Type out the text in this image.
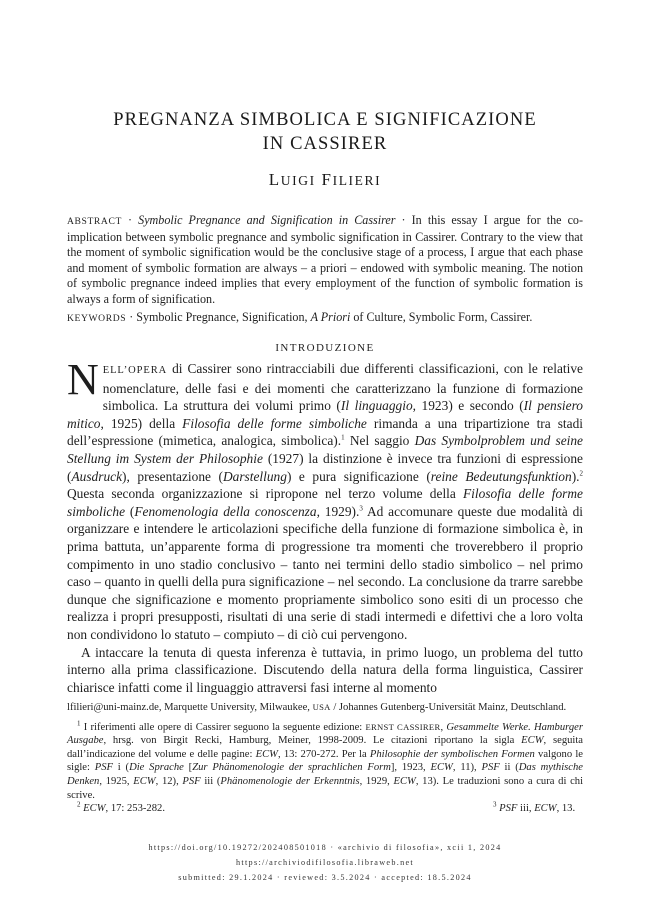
PREGNANZA SIMBOLICA E SIGNIFICAZIONE
IN CASSIRER
LUIGI FILIERI
ABSTRACT · Symbolic Pregnance and Signification in Cassirer · In this essay I argue for the co-implication between symbolic pregnance and symbolic signification in Cassirer. Contrary to the view that the moment of symbolic signification would be the conclusive stage of a process, I argue that each phase and moment of symbolic formation are always – a priori – endowed with symbolic meaning. The notion of symbolic pregnance indeed implies that every employment of the function of symbolic formation is always a form of signification.
KEYWORDS · Symbolic Pregnance, Signification, A Priori of Culture, Symbolic Form, Cassirer.
INTRODUZIONE

NELL’OPERA di Cassirer sono rintracciabili due differenti classificazioni, con le relative nomenclature, delle fasi e dei momenti che caratterizzano la funzione di formazione simbolica. La struttura dei volumi primo (Il linguaggio, 1923) e secondo (Il pensiero mitico, 1925) della Filosofia delle forme simboliche rimanda a una tripartizione tra stadi dell’espressione (mimetica, analogica, simbolica).$^1$ Nel saggio Das Symbolproblem und seine Stellung im System der Philosophie (1927) la distinzione è invece tra funzioni di espressione (Ausdruck), presentazione (Darstellung) e pura significazione (reine Bedeutungsfunktion).$^2$ Questa seconda organizzazione si ripropone nel terzo volume della Filosofia delle forme simboliche (Fenomenologia della conoscenza, 1929).$^3$ Ad accomunare queste due modalità di organizzare e intendere le articolazioni specifiche della funzione di formazione simbolica è, in prima battuta, un’apparente forma di progressione tra momenti che troverebbero il proprio compimento in uno stadio conclusivo – tanto nei termini dello stadio simbolico – nel primo caso – quanto in quelli della pura significazione – nel secondo. La conclusione da trarre sarebbe dunque che significazione e momento propriamente simbolico sono esiti di un processo che realizza i propri presupposti, risultati di una serie di stadi intermedi e difettivi che a loro volta non condividono lo statuto – compiuto – di ciò cui pervengono.

A intaccare la tenuta di questa inferenza è tuttavia, in primo luogo, un problema del tutto interno alla prima classificazione. Discutendo della natura della forma linguistica, Cassirer chiarisce infatti come il linguaggio attraversi fasi interne al momento

lfilieri@uni-mainz.de, Marquette University, Milwaukee, USA / Johannes Gutenberg-Universität Mainz, Deutschland.

$^1$ I riferimenti alle opere di Cassirer seguono la seguente edizione: ERNST CASSIRER, Gesammelte Werke. Hamburger Ausgabe, hrsg. von Birgit Recki, Hamburg, Meiner, 1998-2009. Le citazioni riportano la sigla ECW, seguita dall’indicazione del volume e delle pagine: ECW, 13: 270-272. Per la Philosophie der symbolischen Formen valgono le sigle: PSF i (Die Sprache [Zur Phänomenologie der sprachlichen Form], 1923, ECW, 11), PSF ii (Das mythische Denken, 1925, ECW, 12), PSF iii (Phänomenologie der Erkenntnis, 1929, ECW, 13). Le traduzioni sono a cura di chi scrive.

$^2$ ECW, 17: 253-282.	$^3$ PSF iii, ECW, 13.
https://doi.org/10.19272/202408501018 · «archivio di filosofia», xcii 1, 2024
https://archiviodifilosofia.libraweb.net
submitted: 29.1.2024 · reviewed: 3.5.2024 · accepted: 18.5.2024
